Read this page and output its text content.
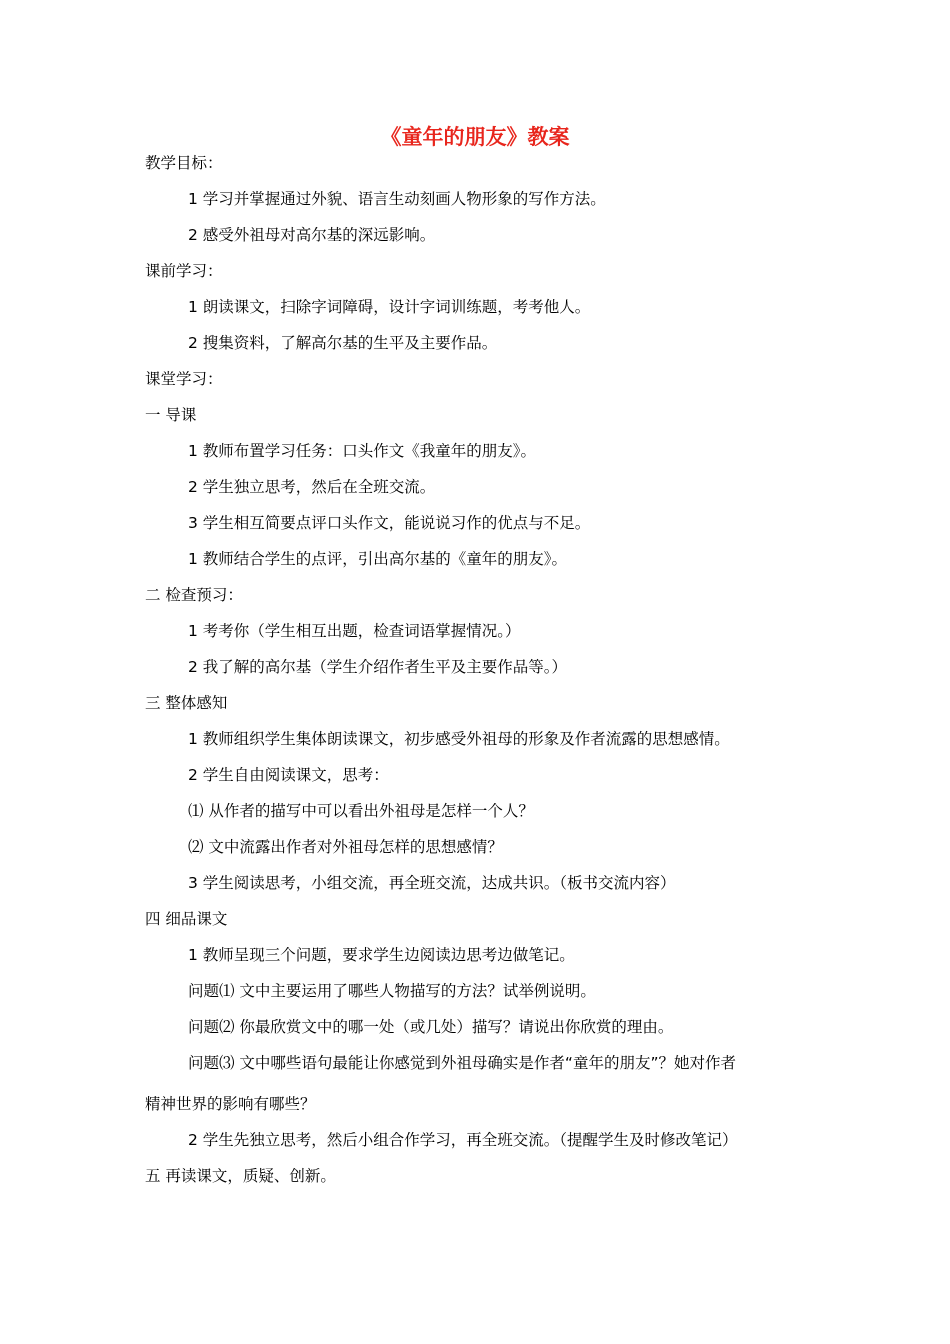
《童年的朋友》教案
教学目标：
1 学习并掌握通过外貌、语言生动刻画人物形象的写作方法。
2 感受外祖母对高尔基的深远影响。
课前学习：
1 朗读课文，扫除字词障碍，设计字词训练题，考考他人。
2 搜集资料，了解高尔基的生平及主要作品。
课堂学习：
一 导课
1 教师布置学习任务：口头作文《我童年的朋友》。
2 学生独立思考，然后在全班交流。
3 学生相互简要点评口头作文，能说说习作的优点与不足。
1 教师结合学生的点评，引出高尔基的《童年的朋友》。
二 检查预习：
1 考考你（学生相互出题，检查词语掌握情况。）
2 我了解的高尔基（学生介绍作者生平及主要作品等。）
三 整体感知
1 教师组织学生集体朗读课文，初步感受外祖母的形象及作者流露的思想感情。
2 学生自由阅读课文，思考：
⑴ 从作者的描写中可以看出外祖母是怎样一个人？
⑵ 文中流露出作者对外祖母怎样的思想感情？
3 学生阅读思考，小组交流，再全班交流，达成共识。（板书交流内容）
四 细品课文
1 教师呈现三个问题，要求学生边阅读边思考边做笔记。
问题⑴ 文中主要运用了哪些人物描写的方法？试举例说明。
问题⑵ 你最欣赏文中的哪一处（或几处）描写？请说出你欣赏的理由。
问题⑶ 文中哪些语句最能让你感觉到外祖母确实是作者“童年的朋友”？她对作者
精神世界的影响有哪些？
2 学生先独立思考，然后小组合作学习，再全班交流。（提醒学生及时修改笔记）
五 再读课文，质疑、创新。
